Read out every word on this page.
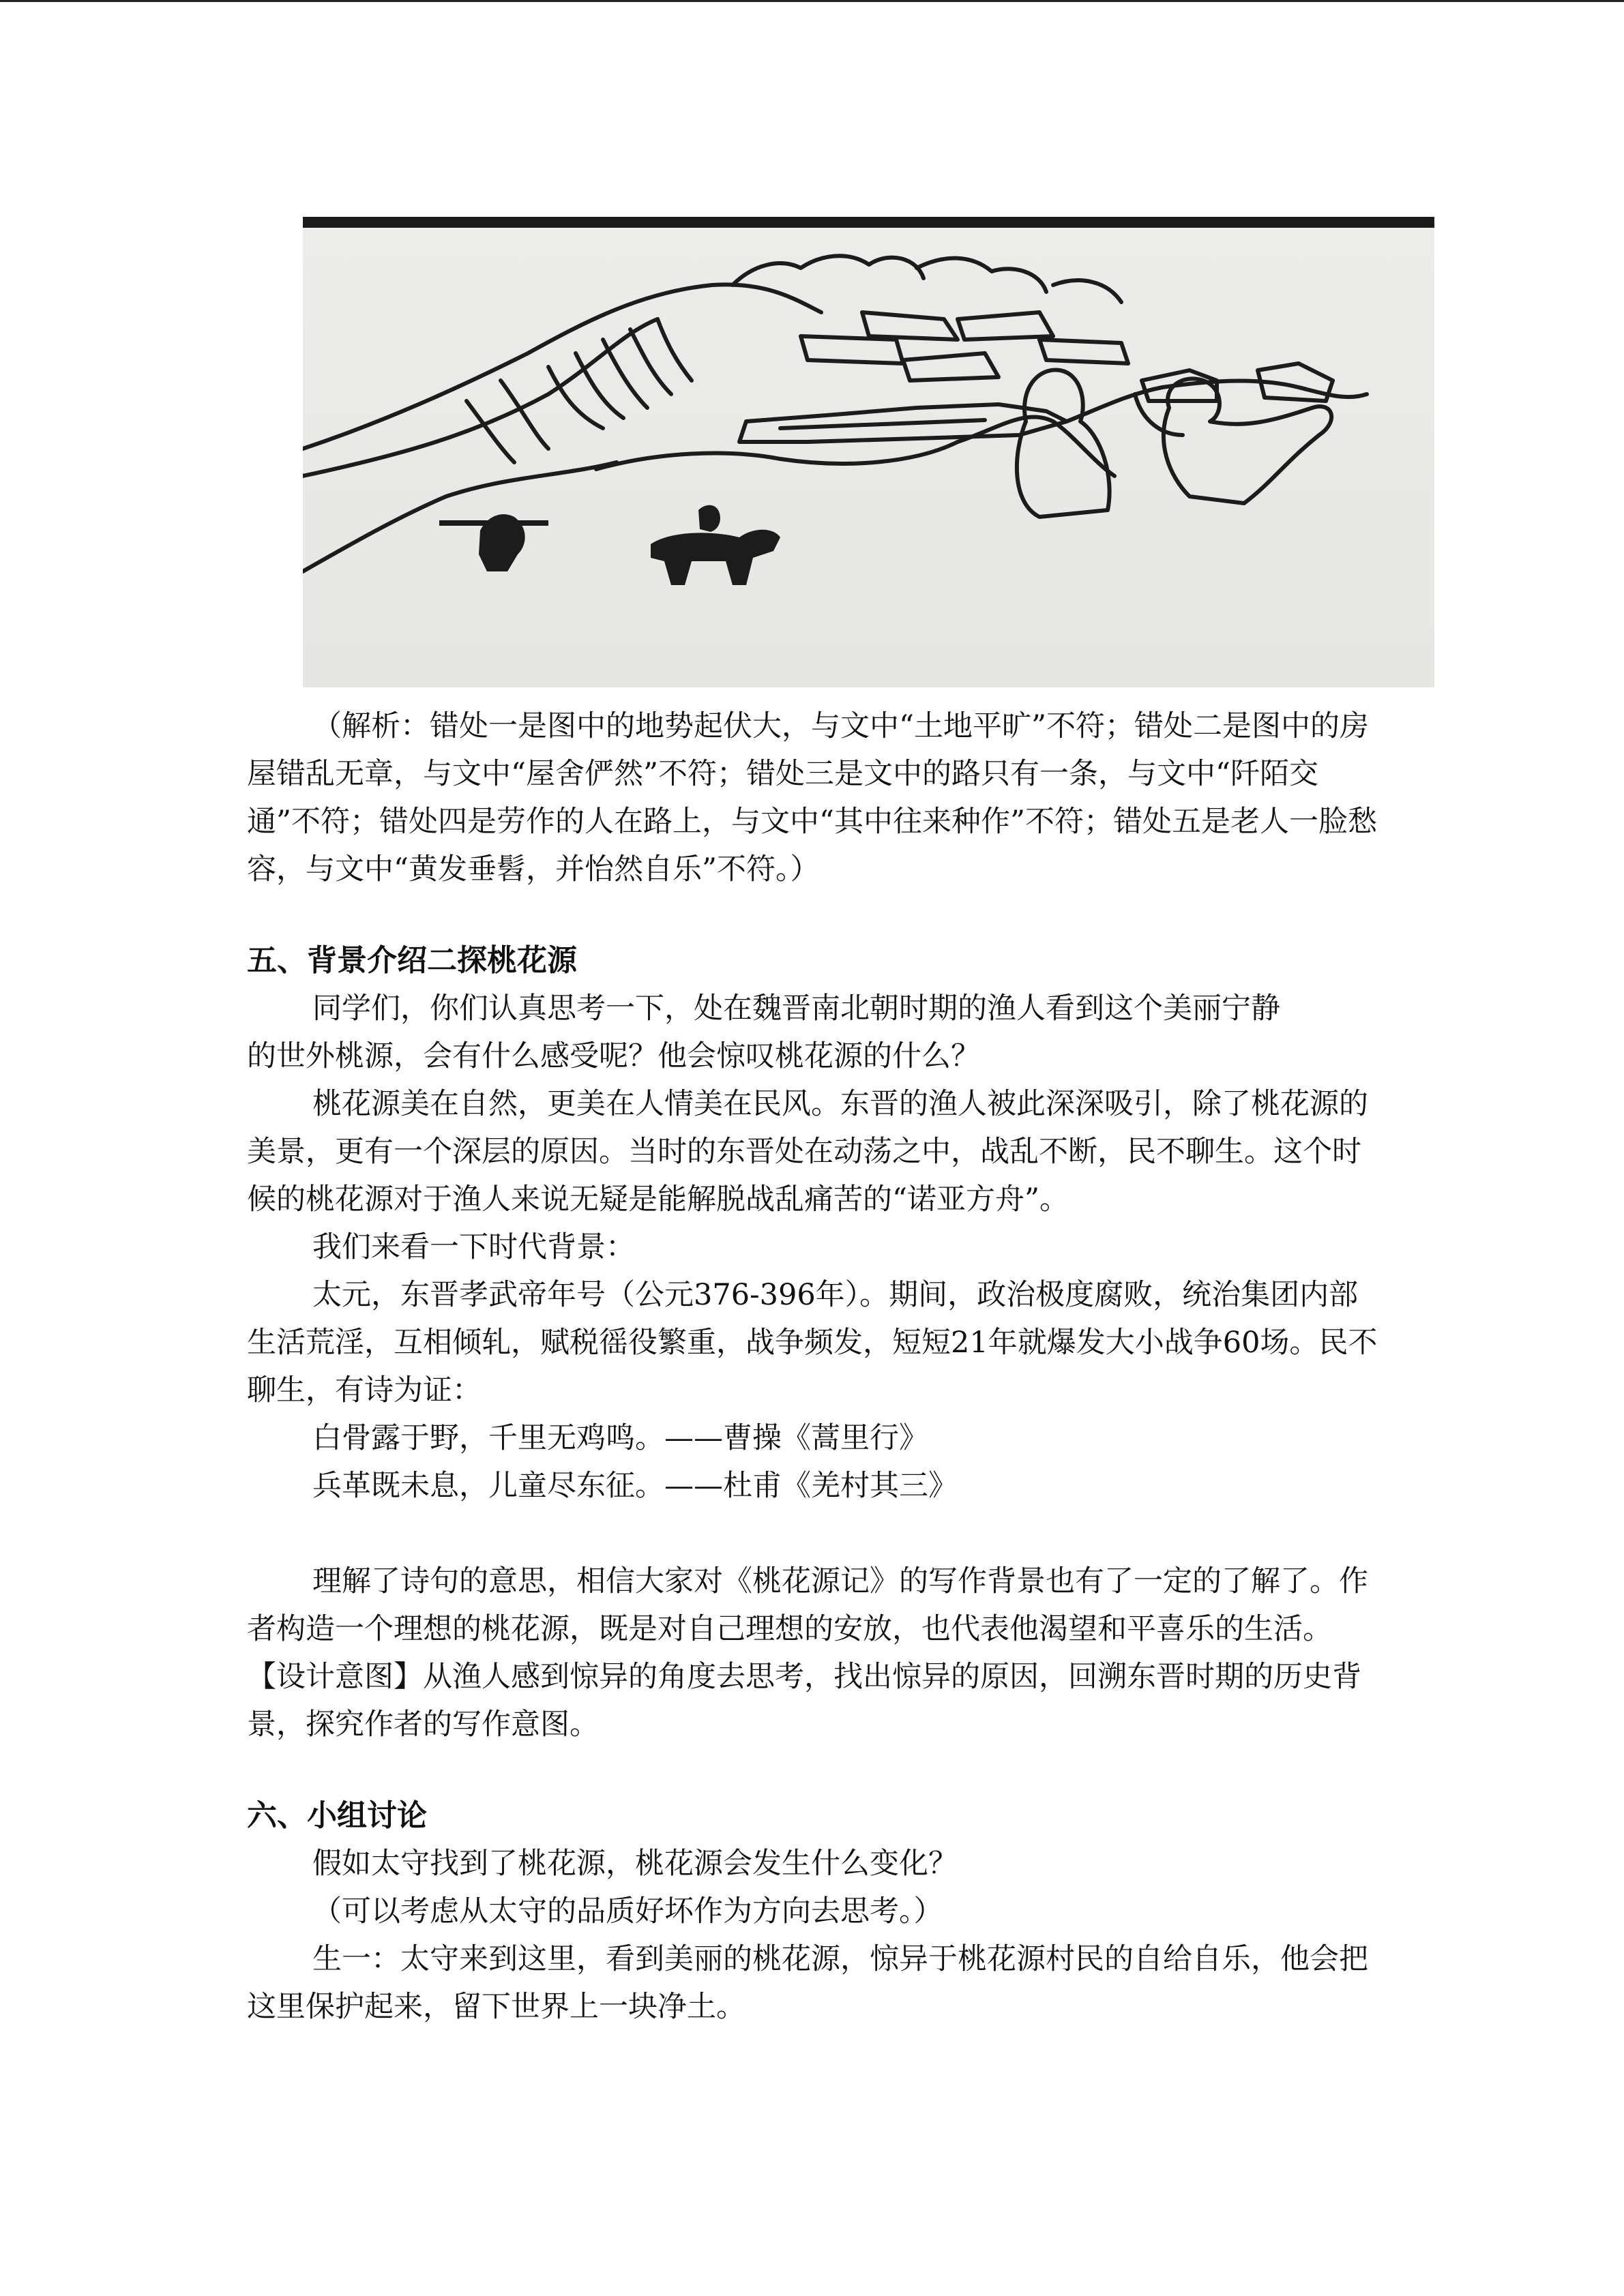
（解析：错处一是图中的地势起伏大，与文中“土地平旷”不符；错处二是图中的房屋错乱无章，与文中“屋舍俨然”不符；错处三是文中的路只有一条，与文中“阡陌交通”不符；错处四是劳作的人在路上，与文中“其中往来种作”不符；错处五是老人一脸愁容，与文中“黄发垂髫，并怡然自乐”不符。）

五、背景介绍二探桃花源

同学们，你们认真思考一下，处在魏晋南北朝时期的渔人看到这个美丽宁静

的世外桃源，会有什么感受呢？他会惊叹桃花源的什么？

桃花源美在自然，更美在人情美在民风。东晋的渔人被此深深吸引，除了桃花源的美景，更有一个深层的原因。当时的东晋处在动荡之中，战乱不断，民不聊生。这个时候的桃花源对于渔人来说无疑是能解脱战乱痛苦的“诺亚方舟”。

我们来看一下时代背景：

太元，东晋孝武帝年号（公元376-396年）。期间，政治极度腐败，统治集团内部生活荒淫，互相倾轧，赋税徭役繁重，战争频发，短短21年就爆发大小战争60场。民不聊生，有诗为证：

白骨露于野，千里无鸡鸣。——曹操《蒿里行》

兵革既未息，儿童尽东征。——杜甫《羌村其三》

理解了诗句的意思，相信大家对《桃花源记》的写作背景也有了一定的了解了。作者构造一个理想的桃花源，既是对自己理想的安放，也代表他渴望和平喜乐的生活。

【设计意图】从渔人感到惊异的角度去思考，找出惊异的原因，回溯东晋时期的历史背景，探究作者的写作意图。

六、小组讨论

假如太守找到了桃花源，桃花源会发生什么变化？

（可以考虑从太守的品质好坏作为方向去思考。）

生一：太守来到这里，看到美丽的桃花源，惊异于桃花源村民的自给自乐，他会把这里保护起来，留下世界上一块净土。
